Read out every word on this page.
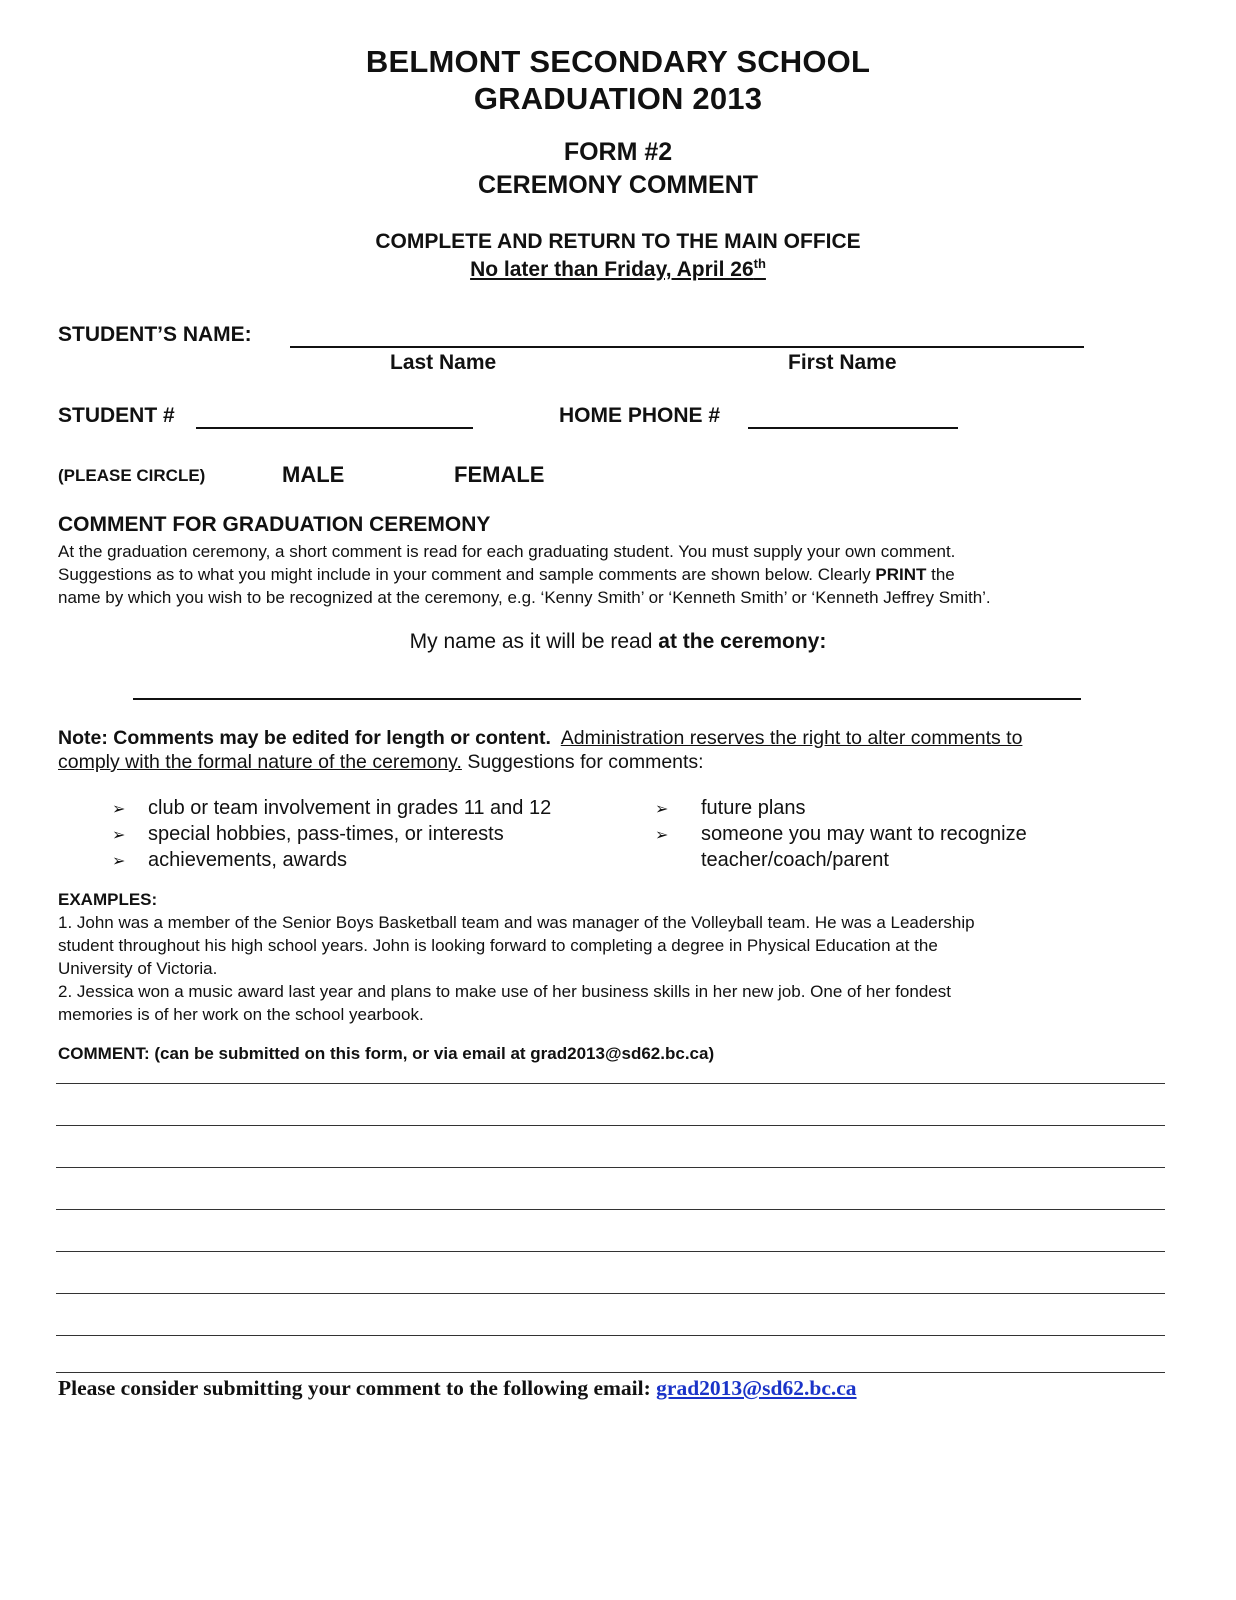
BELMONT SECONDARY SCHOOL
GRADUATION 2013
FORM #2
CEREMONY COMMENT
COMPLETE AND RETURN TO THE MAIN OFFICE
No later than Friday, April 26th
STUDENT’S NAME:
Last Name	First Name
STUDENT #	HOME PHONE #
(PLEASE CIRCLE)	MALE	FEMALE
COMMENT FOR GRADUATION CEREMONY
At the graduation ceremony, a short comment is read for each graduating student. You must supply your own comment.
Suggestions as to what you might include in your comment and sample comments are shown below. Clearly PRINT the
name by which you wish to be recognized at the ceremony, e.g. ‘Kenny Smith’ or ‘Kenneth Smith’ or ‘Kenneth Jeffrey Smith’.
My name as it will be read at the ceremony:
Note: Comments may be edited for length or content. Administration reserves the right to alter comments to
comply with the formal nature of the ceremony. Suggestions for comments:
➢ club or team involvement in grades 11 and 12
➢ special hobbies, pass-times, or interests
➢ achievements, awards
➢ future plans
➢ someone you may want to recognize
teacher/coach/parent
EXAMPLES:
1. John was a member of the Senior Boys Basketball team and was manager of the Volleyball team. He was a Leadership
student throughout his high school years. John is looking forward to completing a degree in Physical Education at the
University of Victoria.
2. Jessica won a music award last year and plans to make use of her business skills in her new job. One of her fondest
memories is of her work on the school yearbook.
COMMENT: (can be submitted on this form, or via email at grad2013@sd62.bc.ca)
Please consider submitting your comment to the following email: grad2013@sd62.bc.ca
